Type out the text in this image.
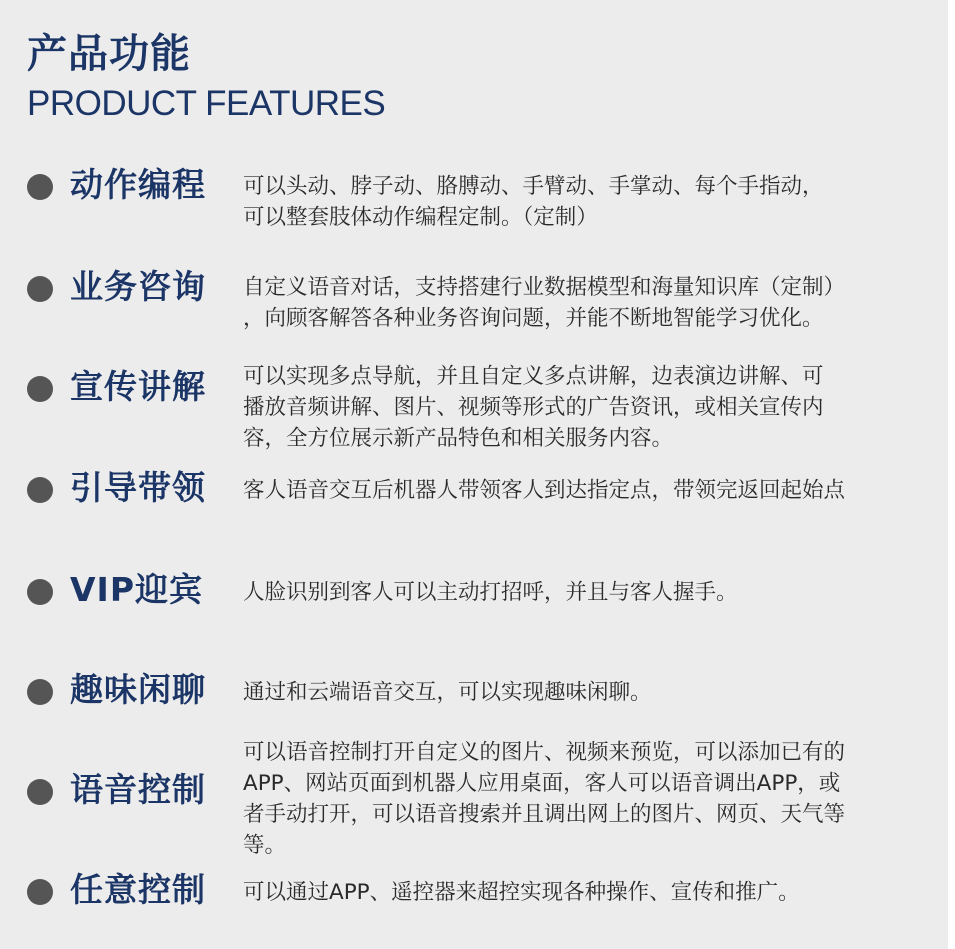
产品功能
PRODUCT FEATURES
动作编程 可以头动、脖子动、胳膊动、手臂动、手掌动、每个手指动，
可以整套肢体动作编程定制。（定制）
业务咨询 自定义语音对话，支持搭建行业数据模型和海量知识库（定制）
，向顾客解答各种业务咨询问题，并能不断地智能学习优化。
宣传讲解 可以实现多点导航，并且自定义多点讲解，边表演边讲解、可
播放音频讲解、图片、视频等形式的广告资讯，或相关宣传内
容，全方位展示新产品特色和相关服务内容。
引导带领 客人语音交互后机器人带领客人到达指定点，带领完返回起始点
VIP迎宾 人脸识别到客人可以主动打招呼，并且与客人握手。
趣味闲聊 通过和云端语音交互，可以实现趣味闲聊。
语音控制
可以语音控制打开自定义的图片、视频来预览，可以添加已有的
APP、网站页面到机器人应用桌面，客人可以语音调出APP，或
者手动打开，可以语音搜索并且调出网上的图片、网页、天气等
等。
任意控制 可以通过APP、遥控器来超控实现各种操作、宣传和推广。
